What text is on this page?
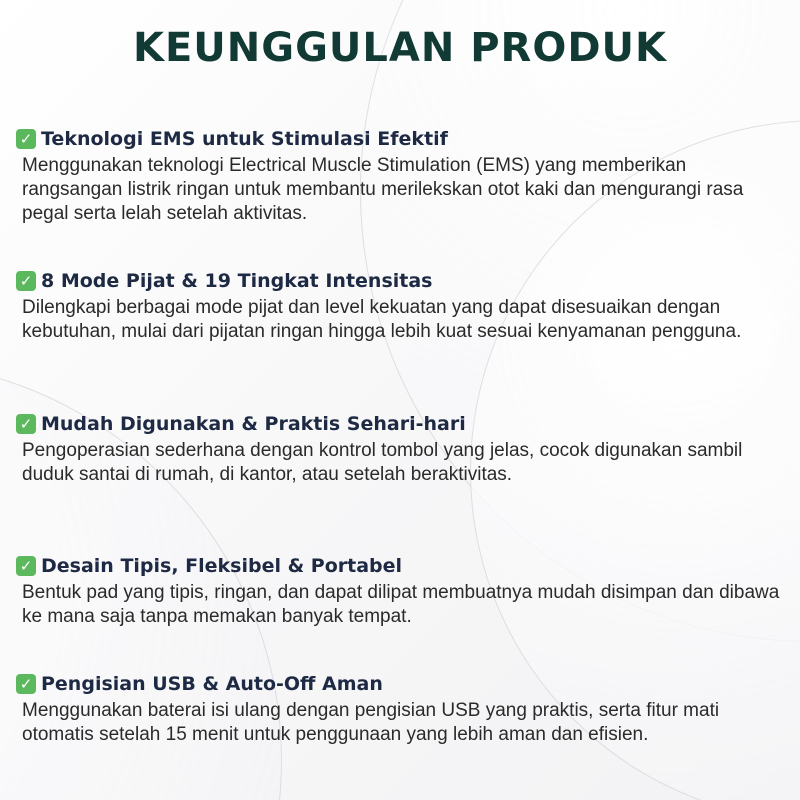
KEUNGGULAN PRODUK
✓ Teknologi EMS untuk Stimulasi Efektif

Menggunakan teknologi Electrical Muscle Stimulation (EMS) yang memberikan rangsangan listrik ringan untuk membantu merilekskan otot kaki dan mengurangi rasa pegal serta lelah setelah aktivitas.

✓ 8 Mode Pijat & 19 Tingkat Intensitas

Dilengkapi berbagai mode pijat dan level kekuatan yang dapat disesuaikan dengan kebutuhan, mulai dari pijatan ringan hingga lebih kuat sesuai kenyamanan pengguna.

✓ Mudah Digunakan & Praktis Sehari-hari

Pengoperasian sederhana dengan kontrol tombol yang jelas, cocok digunakan sambil duduk santai di rumah, di kantor, atau setelah beraktivitas.

✓ Desain Tipis, Fleksibel & Portabel

Bentuk pad yang tipis, ringan, dan dapat dilipat membuatnya mudah disimpan dan dibawa ke mana saja tanpa memakan banyak tempat.

✓ Pengisian USB & Auto-Off Aman

Menggunakan baterai isi ulang dengan pengisian USB yang praktis, serta fitur mati otomatis setelah 15 menit untuk penggunaan yang lebih aman dan efisien.
